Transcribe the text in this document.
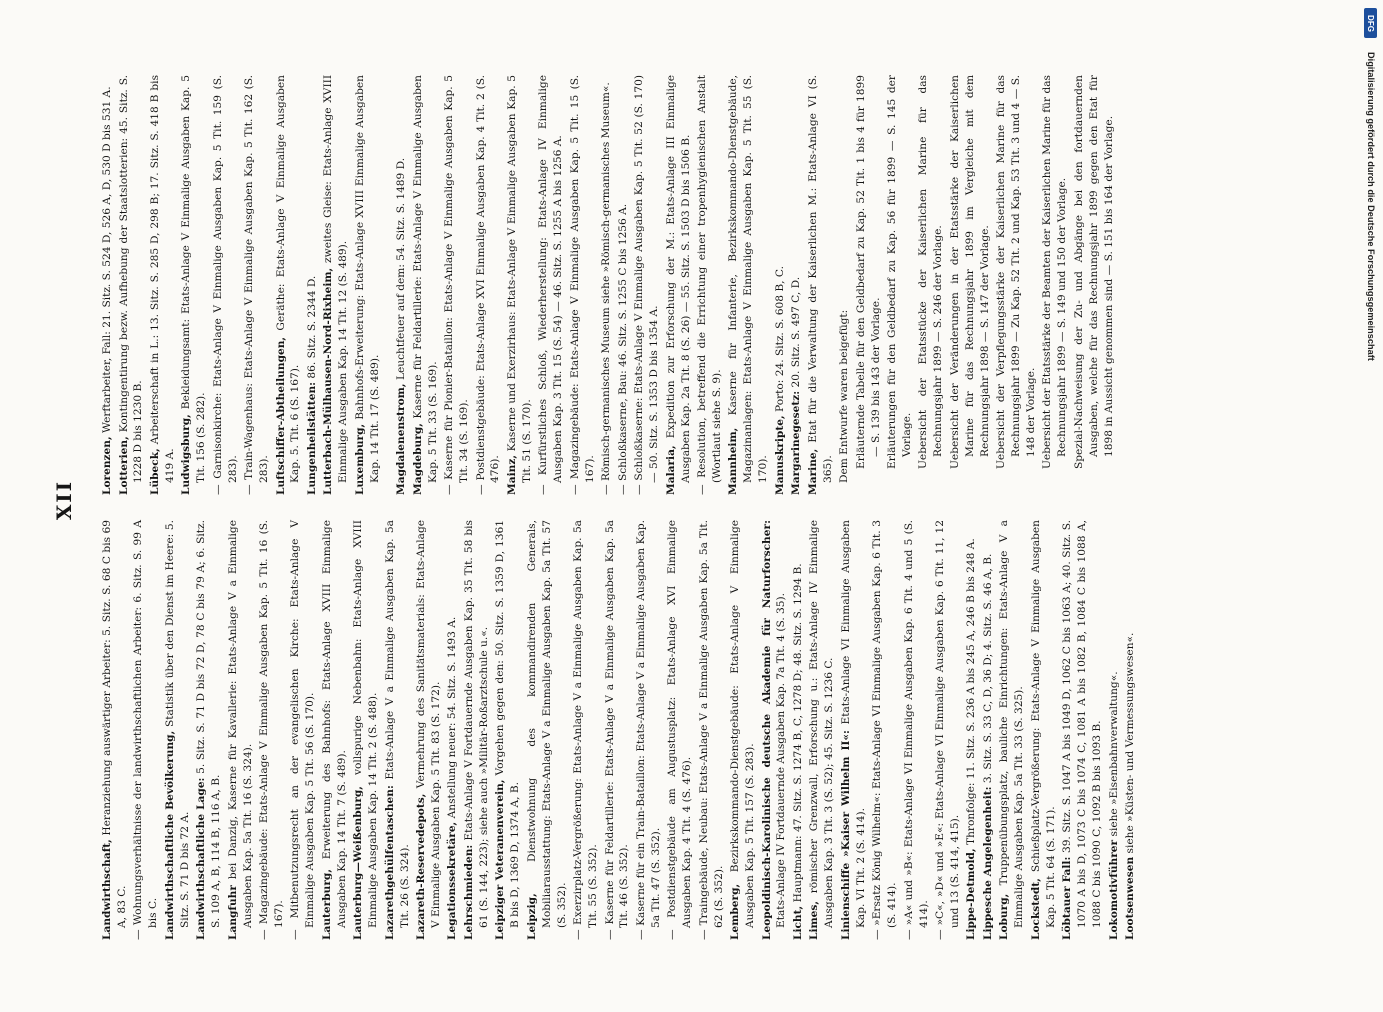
XII
Landwirthschaft, Heranziehung auswärtiger Arbeiter: 5. Sitz. S. 68 C bis 69 A, 83 C. — Wohnungsverhältnisse der landwirthschaftlichen Arbeiter: 6. Sitz. S. 99 A bis C. Landwirthschaftliche Bevölkerung, Statistik über den Dienst im Heere: 5. Sitz. S. 71 D bis 72 A. Landwirthschaftliche Lage: 5. Sitz. S. 71 D bis 72 D, 78 C bis 79 A; 6. Sitz. S. 109 A, B, 114 B, 116 A, B. Langfuhr bei Danzig, Kaserne für Kavallerie: Etats-Anlage V a Einmalige Ausgaben Kap. 5a Tit. 16 (S. 324). — Magazingebäude: Etats-Anlage V Einmalige Ausgaben Kap. 5 Tit. 16 (S. 167). — Mitbenutzungsrecht an der evangelischen Kirche: Etats-Anlage V Einmalige Ausgaben Kap. 5 Tit. 56 (S. 170). Lauterburg, Erweiterung des Bahnhofs: Etats-Anlage XVIII Einmalige Ausgaben Kap. 14 Tit. 7 (S. 489). Lauterburg—Weißenburg, vollspurige Nebenbahn: Etats-Anlage XVIII Einmalige Ausgaben Kap. 14 Tit. 2 (S. 488). Lazarethgehülfentaschen: Etats-Anlage V a Einmalige Ausgaben Kap. 5a Tit. 26 (S. 324). Lazareth-Reservedepots, Vermehrung des Sanitätsmaterials: Etats-Anlage V Einmalige Ausgaben Kap. 5 Tit. 83 (S. 172). Legationssekretäre, Anstellung neuer: 54. Sitz. S. 1493 A.
Lehrschmieden: Etats-Anlage V Fortdauernde Ausgaben Kap. 35 Tit. 58 bis 61 (S. 144, 223); siehe auch »Militär-Roßarztschule u.«. Leipziger Veteranenverein, Vorgehen gegen den: 50. Sitz. S. 1359 D, 1361 B bis D, 1369 D, 1374 A, B. Leipzig, Dienstwohnung des kommandirenden Generals, Mobiliarausstattung: Etats-Anlage V a Einmalige Ausgaben Kap. 5a Tit. 57 (S. 352). — Exerzirplatz-Vergrößerung: Etats-Anlage V a Einmalige Ausgaben Kap. 5a Tit. 55 (S. 352). — Kaserne für Feldartillerie: Etats-Anlage V a Einmalige Ausgaben Kap. 5a Tit. 46 (S. 352). — Kaserne für ein Train-Bataillon: Etats-Anlage V a Einmalige Ausgaben Kap. 5a Tit. 47 (S. 352). — Postdienstgebäude am Augustusplatz: Etats-Anlage XVI Einmalige Ausgaben Kap. 4 Tit. 4 (S. 476). — Traingebäude, Neubau: Etats-Anlage V a Einmalige Ausgaben Kap. 5a Tit. 62 (S. 352). Lemberg, Bezirkskommando-Dienstgebäude: Etats-Anlage V Einmalige Ausgaben Kap. 5 Tit. 157 (S. 283). Leopoldinisch-Karolinische deutsche Akademie für Naturforscher: Etats-Anlage IV Fortdauernde Ausgaben Kap. 7a Tit. 4 (S. 35). Licht, Hauptmann: 47. Sitz. S. 1274 B, C, 1278 D; 48. Sitz. S. 1294 B.
Limes, römischer Grenzwall, Erforschung u.: Etats-Anlage IV Einmalige Ausgaben Kap. 3 Tit. 3 (S. 52); 45. Sitz. S. 1236 C. Linienschiffe »Kaiser Wilhelm II«: Etats-Anlage VI Einmalige Ausgaben Kap. VI Tit. 2 (S. 414). — »Ersatz König Wilhelm«: Etats-Anlage VI Einmalige Ausgaben Kap. 6 Tit. 3 (S. 414). — »A« und »B«: Etats-Anlage VI Einmalige Ausgaben Kap. 6 Tit. 4 und 5 (S. 414). — »C«, »D« und »E«: Etats-Anlage VI Einmalige Ausgaben Kap. 6 Tit. 11, 12 und 13 (S. 414, 415). Lippe-Detmold, Thronfolge: 11. Sitz. S. 236 A bis 245 A, 246 B bis 248 A.
Lippesche Angelegenheit: 3. Sitz. S. 33 C, D, 36 D; 4. Sitz. S. 46 A, B.
Loburg, Truppenübungsplatz, bauliche Einrichtungen: Etats-Anlage V a Einmalige Ausgaben Kap. 5a Tit. 33 (S. 325). Lockstedt, Schießplatz-Vergrößerung: Etats-Anlage V Einmalige Ausgaben Kap. 5 Tit. 64 (S. 171). Löbtauer Fall: 39. Sitz. S. 1047 A bis 1049 D, 1062 C bis 1063 A; 40. Sitz. S. 1070 A bis D, 1073 C bis 1074 C, 1081 A bis 1082 B, 1084 C bis 1088 A, 1088 C bis 1090 C, 1092 B bis 1093 B. Lokomotivführer siehe »Eisenbahnverwaltung«.
Lootsenwesen siehe »Küsten- und Vermessungswesen«.
Lorenzen, Werftarbeiter, Fall: 21. Sitz. S. 524 D, 526 A, D, 530 D bis 531 A.
Lotterien, Kontingentirung bezw. Aufhebung der Staatslotterien: 45. Sitz. S. 1228 D bis 1230 B. Lübeck, Arbeiterschaft in L.: 13. Sitz. S. 285 D, 298 B; 17. Sitz. S. 418 B bis 419 A. Ludwigsburg, Bekleidungsamt: Etats-Anlage V Einmalige Ausgaben Kap. 5 Tit. 156 (S. 282). — Garnisonkirche: Etats-Anlage V Einmalige Ausgaben Kap. 5 Tit. 159 (S. 283). — Train-Wagenhaus: Etats-Anlage V Einmalige Ausgaben Kap. 5 Tit. 162 (S. 283). Luftschiffer-Abtheilungen, Geräthe: Etats-Anlage V Einmalige Ausgaben Kap. 5. Tit. 6 (S. 167). Lungenheilstätten: 86. Sitz. S. 2344 D. Lutterbach-Mülhausen-Nord-Rixheim, zweites Gleise: Etats-Anlage XVIII Einmalige Ausgaben Kap. 14 Tit. 12 (S. 489). Luxemburg, Bahnhofs-Erweiterung: Etats-Anlage XVIII Einmalige Ausgaben Kap. 14 Tit. 17 (S. 489). Magdalenenstrom, Leuchtfeuer auf dem: 54. Sitz. S. 1489 D.
Magdeburg, Kaserne für Feldartillerie: Etats-Anlage V Einmalige Ausgaben Kap. 5 Tit. 33 (S. 169). — Kaserne für Pionier-Bataillon: Etats-Anlage V Einmalige Ausgaben Kap. 5 Tit. 34 (S. 169). — Postdienstgebäude: Etats-Anlage XVI Einmalige Ausgaben Kap. 4 Tit. 2 (S. 476). Mainz, Kaserne und Exerzirhaus: Etats-Anlage V Einmalige Ausgaben Kap. 5 Tit. 51 (S. 170). — Kurfürstliches Schloß, Wiederherstellung: Etats-Anlage IV Einmalige Ausgaben Kap. 3 Tit. 15 (S. 54) — 46. Sitz. S. 1255 A bis 1256 A. — Magazingebäude: Etats-Anlage V Einmalige Ausgaben Kap. 5 Tit. 15 (S. 167). — Römisch-germanisches Museum siehe »Römisch-germanisches Museum«. — Schloßkaserne, Bau: 46. Sitz. S. 1255 C bis 1256 A. — Schloßkaserne: Etats-Anlage V Einmalige Ausgaben Kap. 5 Tit. 52 (S. 170) — 50. Sitz. S. 1353 D bis 1354 A. Malaria, Expedition zur Erforschung der M.: Etats-Anlage III Einmalige Ausgaben Kap. 2a Tit. 8 (S. 26) — 55. Sitz. S. 1503 D bis 1506 B. — Resolution, betreffend die Errichtung einer tropenhygienischen Anstalt (Wortlaut siehe S. 9). Mannheim, Kaserne für Infanterie, Bezirkskommando-Dienstgebäude, Magazinanlagen: Etats-Anlage V Einmalige Ausgaben Kap. 5 Tit. 55 (S. 170). Manuskripte, Porto: 24. Sitz. S. 608 B, C.
Margarinegesetz: 20. Sitz. S. 497 C, D.
Marine, Etat für die Verwaltung der Kaiserlichen M.: Etats-Anlage VI (S. 365). Dem Entwurfe waren beigefügt: Erläuternde Tabelle für den Geldbedarf zu Kap. 52 Tit. 1 bis 4 für 1899 — S. 139 bis 143 der Vorlage. Erläuterungen für den Geldbedarf zu Kap. 56 für 1899 — S. 145 der Vorlage. Uebersicht der Etatsstücke der Kaiserlichen Marine für das Rechnungsjahr 1899 — S. 246 der Vorlage. Uebersicht der Veränderungen in der Etatsstärke der Kaiserlichen Marine für das Rechnungsjahr 1899 im Vergleiche mit dem Rechnungsjahr 1898 — S. 147 der Vorlage. Uebersicht der Verpflegungsstärke der Kaiserlichen Marine für das Rechnungsjahr 1899 — Zu Kap. 52 Tit. 2 und Kap. 53 Tit. 3 und 4 — S. 148 der Vorlage. Uebersicht der Etatsstärke der Beamten der Kaiserlichen Marine für das Rechnungsjahr 1899 — S. 149 und 150 der Vorlage. Spezial-Nachweisung der Zu- und Abgänge bei den fortdauernden Ausgaben, welche für das Rechnungsjahr 1899 gegen den Etat für 1898 in Aussicht genommen sind — S. 151 bis 164 der Vorlage.	Digitalisierung gefördert durch die Deutsche Forschungsgemeinschaft
DFG
